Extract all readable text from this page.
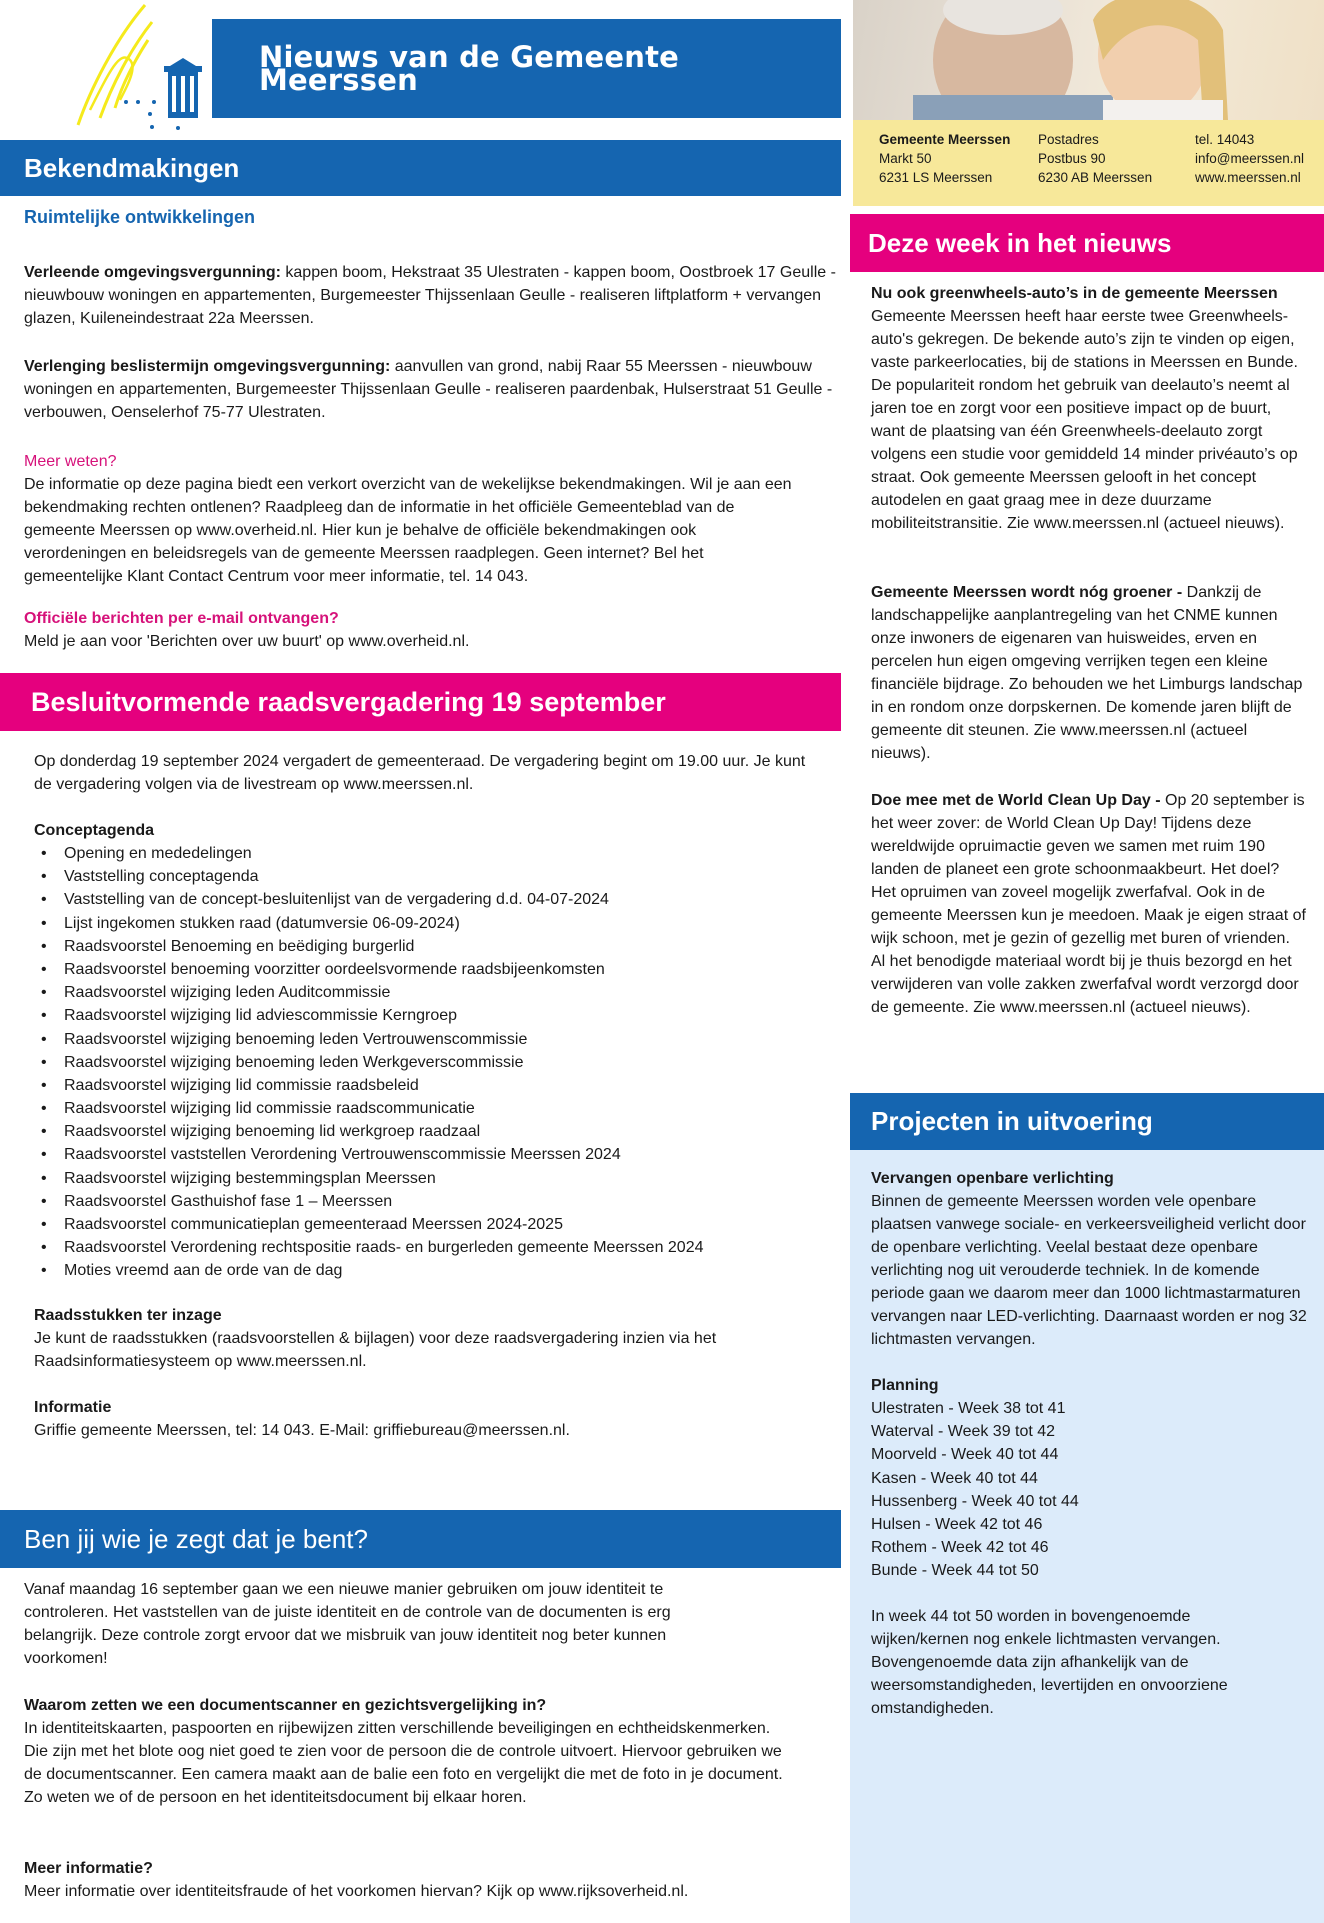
Nieuws van de Gemeente Meerssen
Gemeente Meerssen
Markt 50
6231 LS Meerssen
Postadres
Postbus 90
6230 AB Meerssen
tel. 14043
info@meerssen.nl
www.meerssen.nl
Bekendmakingen
Ruimtelijke ontwikkelingen
Verleende omgevingsvergunning: kappen boom, Hekstraat 35 Ulestraten - kappen boom, Oostbroek 17 Geulle - nieuwbouw woningen en appartementen, Burgemeester Thijssenlaan Geulle - realiseren liftplatform + vervangen glazen, Kuileneindestraat 22a Meerssen.
Verlenging beslistermijn omgevingsvergunning: aanvullen van grond, nabij Raar 55 Meerssen - nieuwbouw woningen en appartementen, Burgemeester Thijssenlaan Geulle - realiseren paardenbak, Hulserstraat 51 Geulle - verbouwen, Oenselerhof 75-77 Ulestraten.
Meer weten?
De informatie op deze pagina biedt een verkort overzicht van de wekelijkse bekendmakingen. Wil je aan een bekendmaking rechten ontlenen? Raadpleeg dan de informatie in het officiële Gemeenteblad van de gemeente Meerssen op www.overheid.nl. Hier kun je behalve de officiële bekendmakingen ook verordeningen en beleidsregels van de gemeente Meerssen raadplegen. Geen internet? Bel het gemeentelijke Klant Contact Centrum voor meer informatie, tel. 14 043.
Officiële berichten per e-mail ontvangen?
Meld je aan voor 'Berichten over uw buurt' op www.overheid.nl.
Besluitvormende raadsvergadering 19 september
Op donderdag 19 september 2024 vergadert de gemeenteraad. De vergadering begint om 19.00 uur. Je kunt de vergadering volgen via de livestream op www.meerssen.nl.
Conceptagenda
• Opening en mededelingen
• Vaststelling conceptagenda
• Vaststelling van de concept-besluitenlijst van de vergadering d.d. 04-07-2024
• Lijst ingekomen stukken raad (datumversie 06-09-2024)
• Raadsvoorstel Benoeming en beëdiging burgerlid
• Raadsvoorstel benoeming voorzitter oordeelsvormende raadsbijeenkomsten
• Raadsvoorstel wijziging leden Auditcommissie
• Raadsvoorstel wijziging lid adviescommissie Kerngroep
• Raadsvoorstel wijziging benoeming leden Vertrouwenscommissie
• Raadsvoorstel wijziging benoeming leden Werkgeverscommissie
• Raadsvoorstel wijziging lid commissie raadsbeleid
• Raadsvoorstel wijziging lid commissie raadscommunicatie
• Raadsvoorstel wijziging benoeming lid werkgroep raadzaal
• Raadsvoorstel vaststellen Verordening Vertrouwenscommissie Meerssen 2024
• Raadsvoorstel wijziging bestemmingsplan Meerssen
• Raadsvoorstel Gasthuishof fase 1 – Meerssen
• Raadsvoorstel communicatieplan gemeenteraad Meerssen 2024-2025
• Raadsvoorstel Verordening rechtspositie raads- en burgerleden gemeente Meerssen 2024
• Moties vreemd aan de orde van de dag
Raadsstukken ter inzage
Je kunt de raadsstukken (raadsvoorstellen & bijlagen) voor deze raadsvergadering inzien via het Raadsinformatiesysteem op www.meerssen.nl.
Informatie
Griffie gemeente Meerssen, tel: 14 043. E-Mail: griffiebureau@meerssen.nl.
Ben jij wie je zegt dat je bent?
Vanaf maandag 16 september gaan we een nieuwe manier gebruiken om jouw identiteit te controleren. Het vaststellen van de juiste identiteit en de controle van de documenten is erg belangrijk. Deze controle zorgt ervoor dat we misbruik van jouw identiteit nog beter kunnen voorkomen!
Waarom zetten we een documentscanner en gezichtsvergelijking in?
In identiteitskaarten, paspoorten en rijbewijzen zitten verschillende beveiligingen en echtheidskenmerken. Die zijn met het blote oog niet goed te zien voor de persoon die de controle uitvoert. Hiervoor gebruiken we de documentscanner. Een camera maakt aan de balie een foto en vergelijkt die met de foto in je document. Zo weten we of de persoon en het identiteitsdocument bij elkaar horen.
Meer informatie?
Meer informatie over identiteitsfraude of het voorkomen hiervan? Kijk op www.rijksoverheid.nl.
Deze week in het nieuws
Nu ook greenwheels-auto’s in de gemeente Meerssen Gemeente Meerssen heeft haar eerste twee Greenwheels-auto's gekregen. De bekende auto’s zijn te vinden op eigen, vaste parkeerlocaties, bij de stations in Meerssen en Bunde. De populariteit rondom het gebruik van deelauto’s neemt al jaren toe en zorgt voor een positieve impact op de buurt, want de plaatsing van één Greenwheels-deelauto zorgt volgens een studie voor gemiddeld 14 minder privéauto’s op straat. Ook gemeente Meerssen gelooft in het concept autodelen en gaat graag mee in deze duurzame mobiliteitstransitie. Zie www.meerssen.nl (actueel nieuws).
Gemeente Meerssen wordt nóg groener - Dankzij de landschappelijke aanplantregeling van het CNME kunnen onze inwoners de eigenaren van huisweides, erven en percelen hun eigen omgeving verrijken tegen een kleine financiële bijdrage. Zo behouden we het Limburgs landschap in en rondom onze dorpskernen. De komende jaren blijft de gemeente dit steunen. Zie www.meerssen.nl (actueel nieuws).
Doe mee met de World Clean Up Day - Op 20 september is het weer zover: de World Clean Up Day! Tijdens deze wereldwijde opruimactie geven we samen met ruim 190 landen de planeet een grote schoonmaakbeurt. Het doel? Het opruimen van zoveel mogelijk zwerfafval. Ook in de gemeente Meerssen kun je meedoen. Maak je eigen straat of wijk schoon, met je gezin of gezellig met buren of vrienden. Al het benodigde materiaal wordt bij je thuis bezorgd en het verwijderen van volle zakken zwerfafval wordt verzorgd door de gemeente. Zie www.meerssen.nl (actueel nieuws).
Projecten in uitvoering
Vervangen openbare verlichting
Binnen de gemeente Meerssen worden vele openbare plaatsen vanwege sociale- en verkeersveiligheid verlicht door de openbare verlichting. Veelal bestaat deze openbare verlichting nog uit verouderde techniek. In de komende periode gaan we daarom meer dan 1000 lichtmastarmaturen vervangen naar LED-verlichting. Daarnaast worden er nog 32 lichtmasten vervangen.
Planning
Ulestraten - Week 38 tot 41
Waterval - Week 39 tot 42
Moorveld - Week 40 tot 44
Kasen - Week 40 tot 44
Hussenberg - Week 40 tot 44
Hulsen - Week 42 tot 46
Rothem - Week 42 tot 46
Bunde - Week 44 tot 50
In week 44 tot 50 worden in bovengenoemde wijken/kernen nog enkele lichtmasten vervangen. Bovengenoemde data zijn afhankelijk van de weersomstandigheden, levertijden en onvoorziene omstandigheden.
